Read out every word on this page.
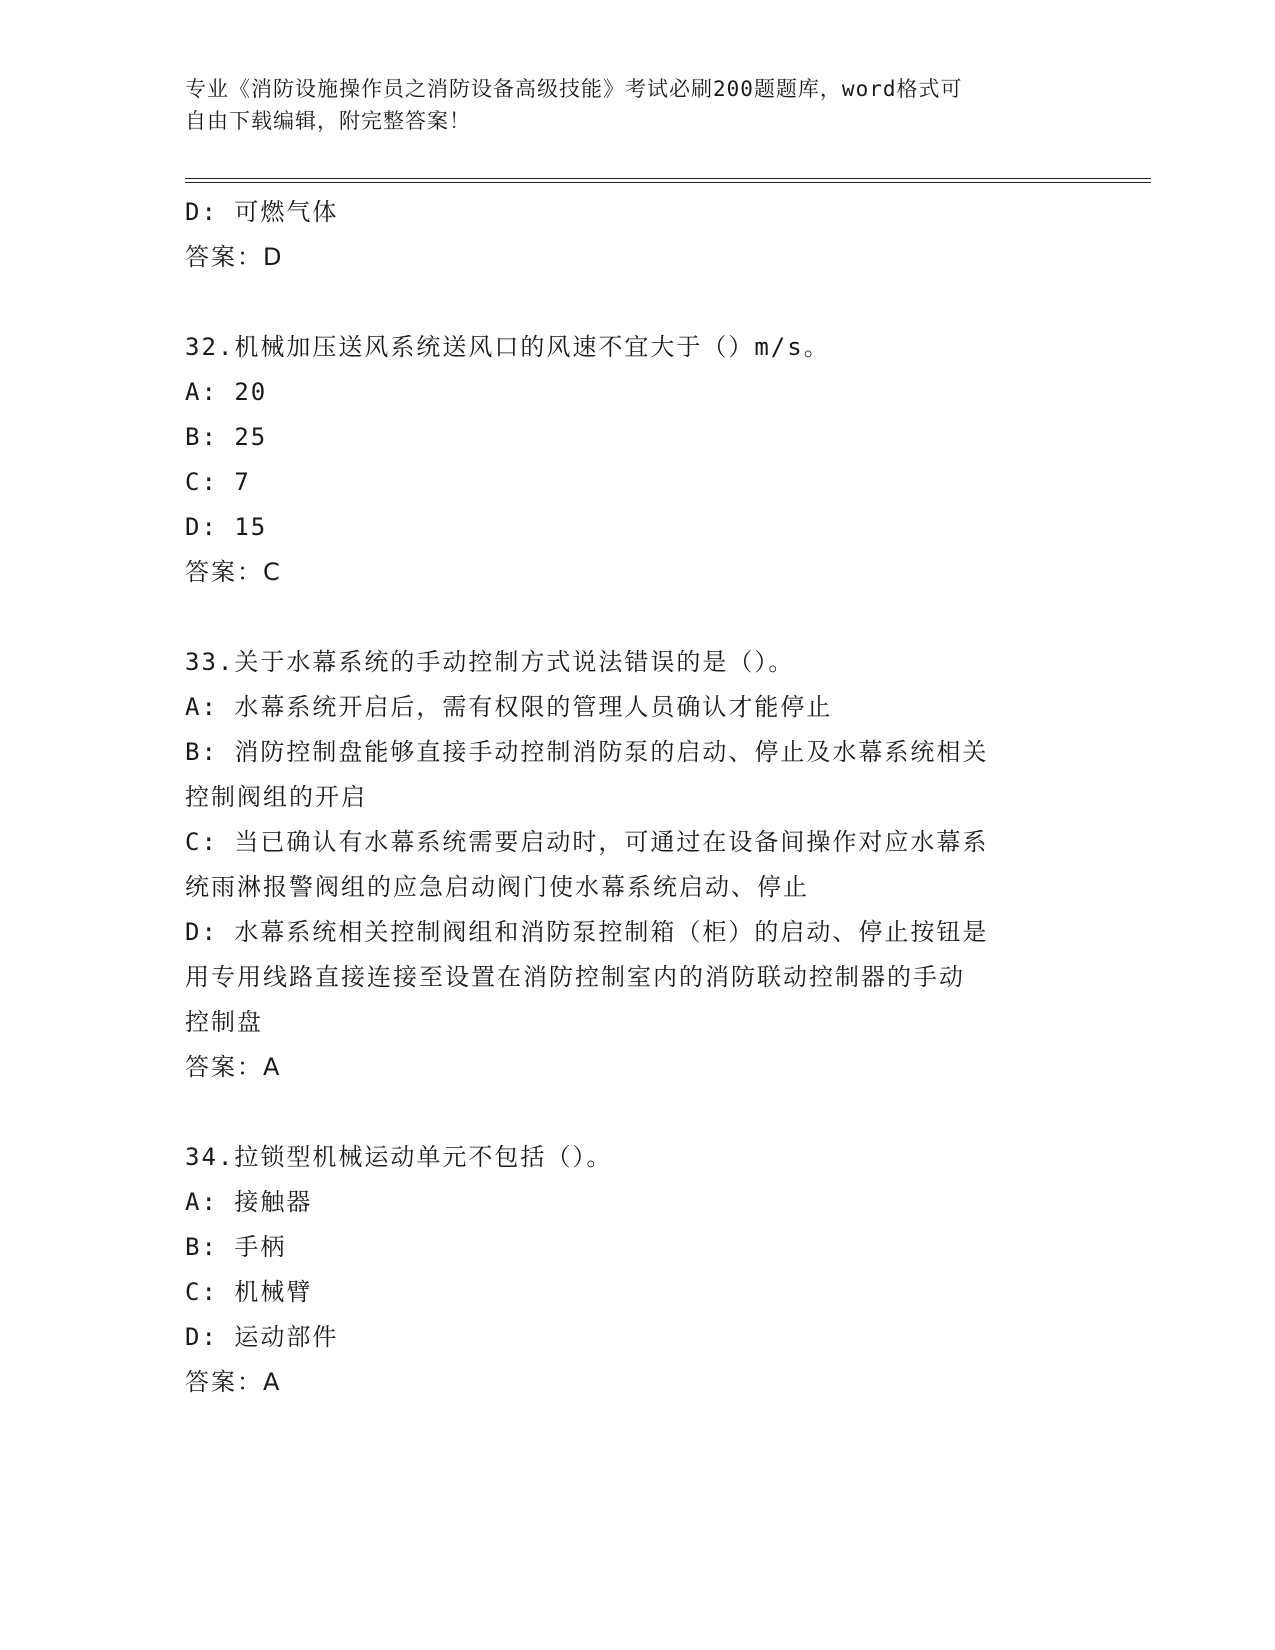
专业《消防设施操作员之消防设备高级技能》考试必刷200题题库，word格式可
自由下载编辑，附完整答案！

D: 可燃气体

答案：D

32.机械加压送风系统送风口的风速不宜大于（）m/s。

A: 20

B: 25

C: 7

D: 15

答案：C

33.关于水幕系统的手动控制方式说法错误的是（）。

A: 水幕系统开启后，需有权限的管理人员确认才能停止

B: 消防控制盘能够直接手动控制消防泵的启动、停止及水幕系统相关

控制阀组的开启

C: 当已确认有水幕系统需要启动时，可通过在设备间操作对应水幕系

统雨淋报警阀组的应急启动阀门使水幕系统启动、停止

D: 水幕系统相关控制阀组和消防泵控制箱（柜）的启动、停止按钮是

用专用线路直接连接至设置在消防控制室内的消防联动控制器的手动

控制盘

答案：A

34.拉锁型机械运动单元不包括（）。

A: 接触器

B: 手柄

C: 机械臂

D: 运动部件

答案：A
